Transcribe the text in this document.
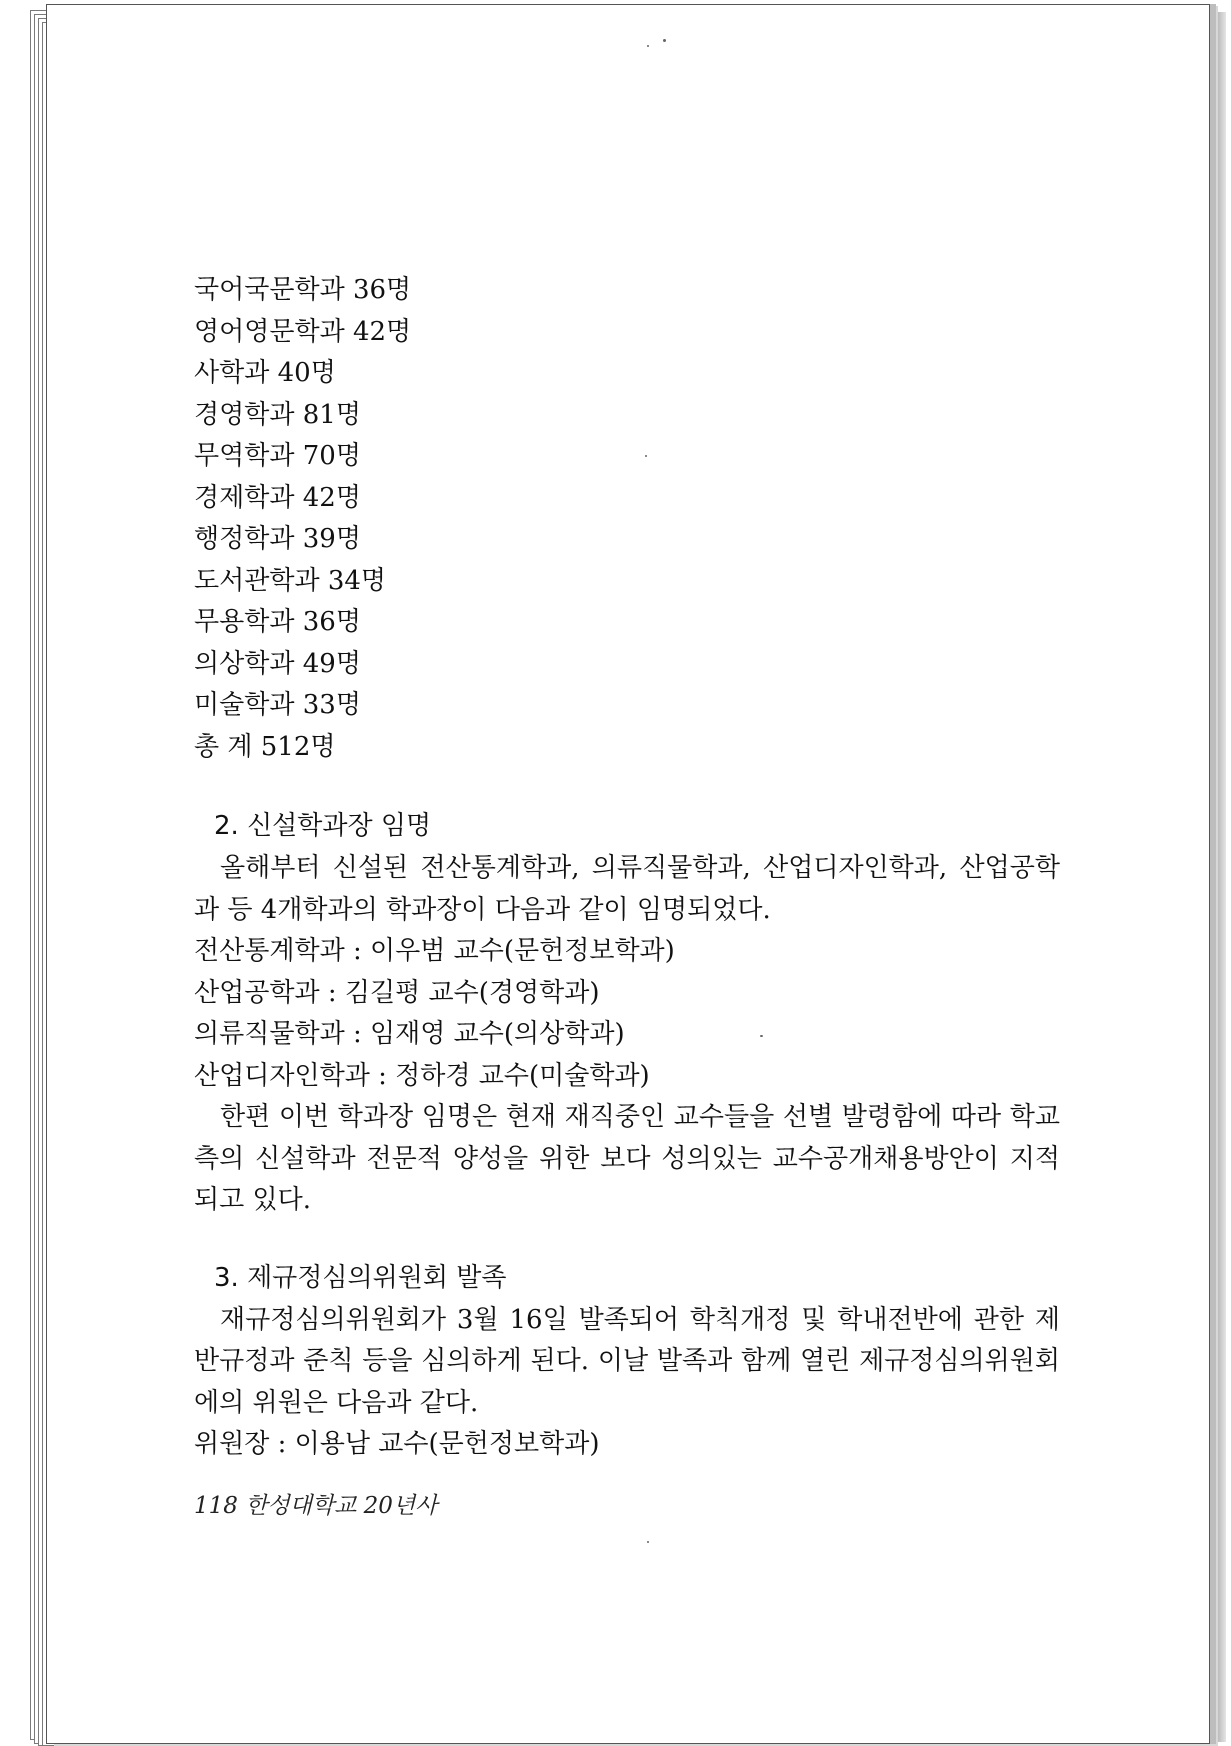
국어국문학과 36명
영어영문학과 42명
사학과 40명
경영학과 81명
무역학과 70명
경제학과 42명
행정학과 39명
도서관학과 34명
무용학과 36명
의상학과 49명
미술학과 33명
총 계 512명
2. 신설학과장 임명
올해부터 신설된 전산통계학과, 의류직물학과, 산업디자인학과, 산업공학과 등 4개학과의 학과장이 다음과 같이 임명되었다.
전산통계학과 : 이우범 교수(문헌정보학과)
산업공학과 : 김길평 교수(경영학과)
의류직물학과 : 임재영 교수(의상학과)
산업디자인학과 : 정하경 교수(미술학과)
한편 이번 학과장 임명은 현재 재직중인 교수들을 선별 발령함에 따라 학교측의 신설학과 전문적 양성을 위한 보다 성의있는 교수공개채용방안이 지적되고 있다.
3. 제규정심의위원회 발족
재규정심의위원회가 3월 16일 발족되어 학칙개정 및 학내전반에 관한 제반규정과 준칙 등을 심의하게 된다. 이날 발족과 함께 열린 제규정심의위원회에의 위원은 다음과 같다.
위원장 : 이용남 교수(문헌정보학과)
118 한성대학교 20년사
